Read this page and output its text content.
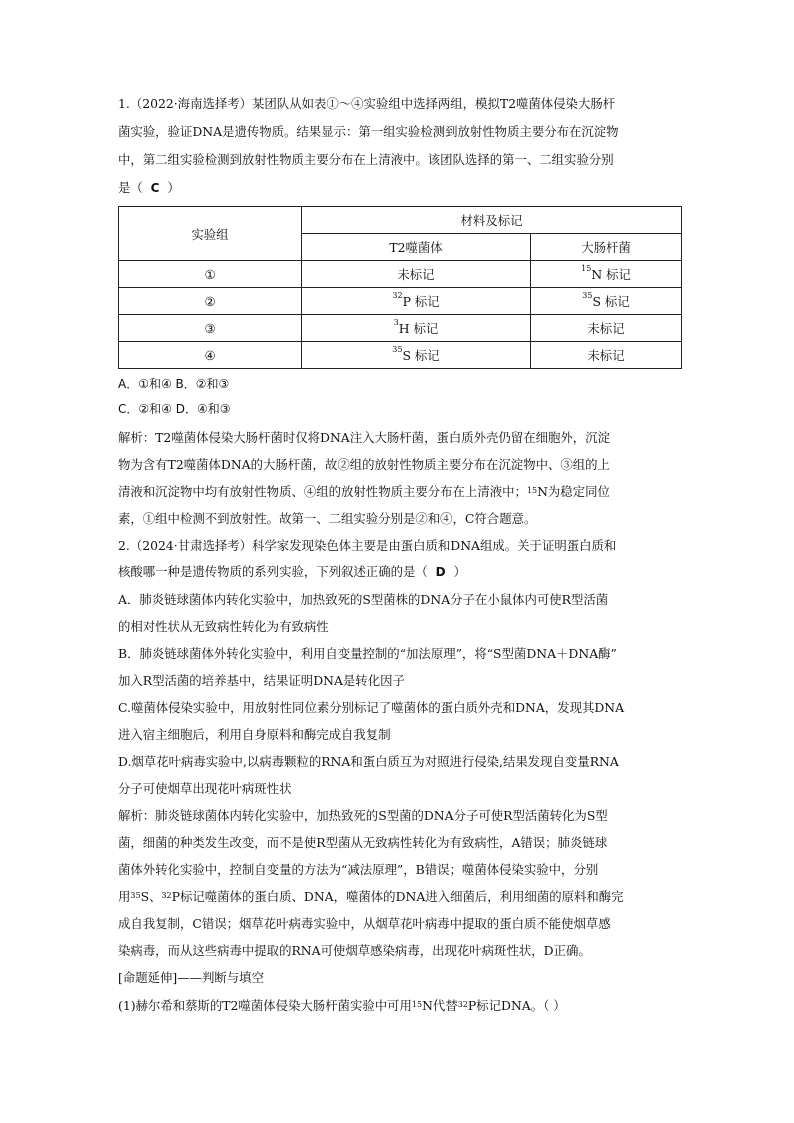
1.（2022·海南选择考）某团队从如表①～④实验组中选择两组，模拟T2噬菌体侵染大肠杆
菌实验，验证DNA是遗传物质。结果显示：第一组实验检测到放射性物质主要分布在沉淀物
中，第二组实验检测到放射性物质主要分布在上清液中。该团队选择的第一、二组实验分别
是（ C ）
实验组	材料及标记	
	T2噬菌体	大肠杆菌
①	未标记	$^{15}$N 标记
②	$^{32}$P 标记	$^{35}$S 标记
③	$^3$H 标记	未标记
④	$^{35}$S 标记	未标记
A．①和④ B．②和③
C．②和④ D．④和③
解析：T2噬菌体侵染大肠杆菌时仅将DNA注入大肠杆菌，蛋白质外壳仍留在细胞外，沉淀
物为含有T2噬菌体DNA的大肠杆菌，故②组的放射性物质主要分布在沉淀物中、③组的上
清液和沉淀物中均有放射性物质、④组的放射性物质主要分布在上清液中；$^{15}$N为稳定同位
素，①组中检测不到放射性。故第一、二组实验分别是②和④，C符合题意。
2.（2024·甘肃选择考）科学家发现染色体主要是由蛋白质和DNA组成。关于证明蛋白质和
核酸哪一种是遗传物质的系列实验，下列叙述正确的是（ D ）
A．肺炎链球菌体内转化实验中，加热致死的S型菌株的DNA分子在小鼠体内可使R型活菌
的相对性状从无致病性转化为有致病性
B．肺炎链球菌体外转化实验中，利用自变量控制的“加法原理”，将“S型菌DNA＋DNA酶”
加入R型活菌的培养基中，结果证明DNA是转化因子
C.噬菌体侵染实验中，用放射性同位素分别标记了噬菌体的蛋白质外壳和DNA，发现其DNA
进入宿主细胞后，利用自身原料和酶完成自我复制
D.烟草花叶病毒实验中,以病毒颗粒的RNA和蛋白质互为对照进行侵染,结果发现自变量RNA
分子可使烟草出现花叶病斑性状
解析：肺炎链球菌体内转化实验中，加热致死的S型菌的DNA分子可使R型活菌转化为S型
菌，细菌的种类发生改变，而不是使R型菌从无致病性转化为有致病性，A错误；肺炎链球
菌体外转化实验中，控制自变量的方法为“减法原理”，B错误；噬菌体侵染实验中，分别
用$^{35}$S、$^{32}$P标记噬菌体的蛋白质、DNA，噬菌体的DNA进入细菌后，利用细菌的原料和酶完
成自我复制，C错误；烟草花叶病毒实验中，从烟草花叶病毒中提取的蛋白质不能使烟草感
染病毒，而从这些病毒中提取的RNA可使烟草感染病毒，出现花叶病斑性状，D正确。
[命题延伸]——判断与填空
(1)赫尔希和蔡斯的T2噬菌体侵染大肠杆菌实验中可用$^{15}$N代替$^{32}$P标记DNA。（ ）
